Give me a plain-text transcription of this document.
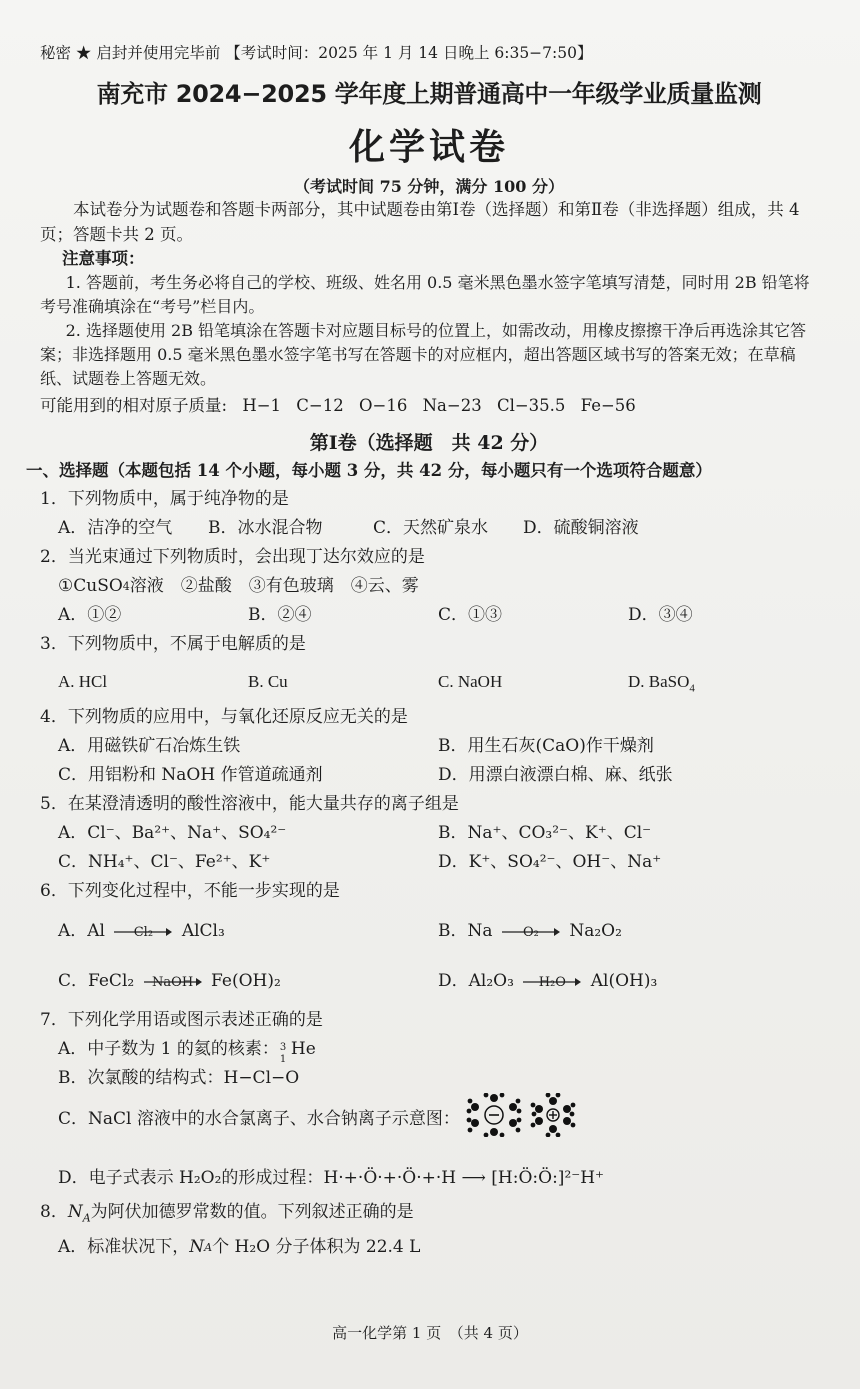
秘密 ★ 启封并使用完毕前 【考试时间：2025 年 1 月 14 日晚上 6:35−7:50】
南充市 2024−2025 学年度上期普通高中一年级学业质量监测
化学试卷
（考试时间 75 分钟，满分 100 分）
本试卷分为试题卷和答题卡两部分，其中试题卷由第Ⅰ卷（选择题）和第Ⅱ卷（非选择题）组成，共 4 页；答题卡共 2 页。
注意事项：
1. 答题前，考生务必将自己的学校、班级、姓名用 0.5 毫米黑色墨水签字笔填写清楚，同时用 2B 铅笔将考号准确填涂在“考号”栏目内。
2. 选择题使用 2B 铅笔填涂在答题卡对应题目标号的位置上，如需改动，用橡皮擦擦干净后再选涂其它答案；非选择题用 0.5 毫米黑色墨水签字笔书写在答题卡的对应框内，超出答题区域书写的答案无效；在草稿纸、试题卷上答题无效。
可能用到的相对原子质量: H−1 C−12 O−16 Na−23 Cl−35.5 Fe−56
第Ⅰ卷（选择题　共 42 分）
一、选择题（本题包括 14 个小题，每小题 3 分，共 42 分，每小题只有一个选项符合题意）
1．下列物质中，属于纯净物的是
A．洁净的空气	B．冰水混合物	C．天然矿泉水	D．硫酸铜溶液
2．当光束通过下列物质时，会出现丁达尔效应的是
①CuSO 4 溶液　②盐酸　③有色玻璃　④云、雾
A．①②	B．②④	C．①③	D．③④
3．下列物质中，不属于电解质的是
A. HCl	B. Cu	C. NaOH	D. BaSO$_4$
4．下列物质的应用中，与氧化还原反应无关的是
A．用磁铁矿石冶炼生铁	B．用生石灰(CaO)作干燥剂
C．用铝粉和 NaOH 作管道疏通剂	D．用漂白液漂白棉、麻、纸张
5．在某澄清透明的酸性溶液中，能大量共存的离子组是
A．Cl⁻、Ba²⁺、Na⁺、SO₄²⁻	B．Na⁺、CO₃²⁻、K⁺、Cl⁻
C．NH₄⁺、Cl⁻、Fe²⁺、K⁺	D．K⁺、SO₄²⁻、OH⁻、Na⁺
6．下列变化过程中，不能一步实现的是
A．Al	Cl₂	AlCl₃	B．Na	O₂	Na₂O₂
C．FeCl₂	NaOH	Fe(OH)₂	D．Al₂O₃	H₂O	Al(OH)₃
7．下列化学用语或图示表述正确的是
A．中子数为 1 的氦的核素： 3
1
He
B．次氯酸的结构式：H−Cl−O
C．NaCl 溶液中的水合氯离子、水合钠离子示意图：
D．电子式表示 H₂O₂的形成过程： H·+·Ö·+·Ö·+·H ⟶ [H:Ö:Ö:]²⁻H⁺
8．$N_A$为阿伏加德罗常数的值。下列叙述正确的是
A．标准状况下， N A 个 H₂O 分子体积为 22.4 L
高一化学第 1 页　（共 4 页）
